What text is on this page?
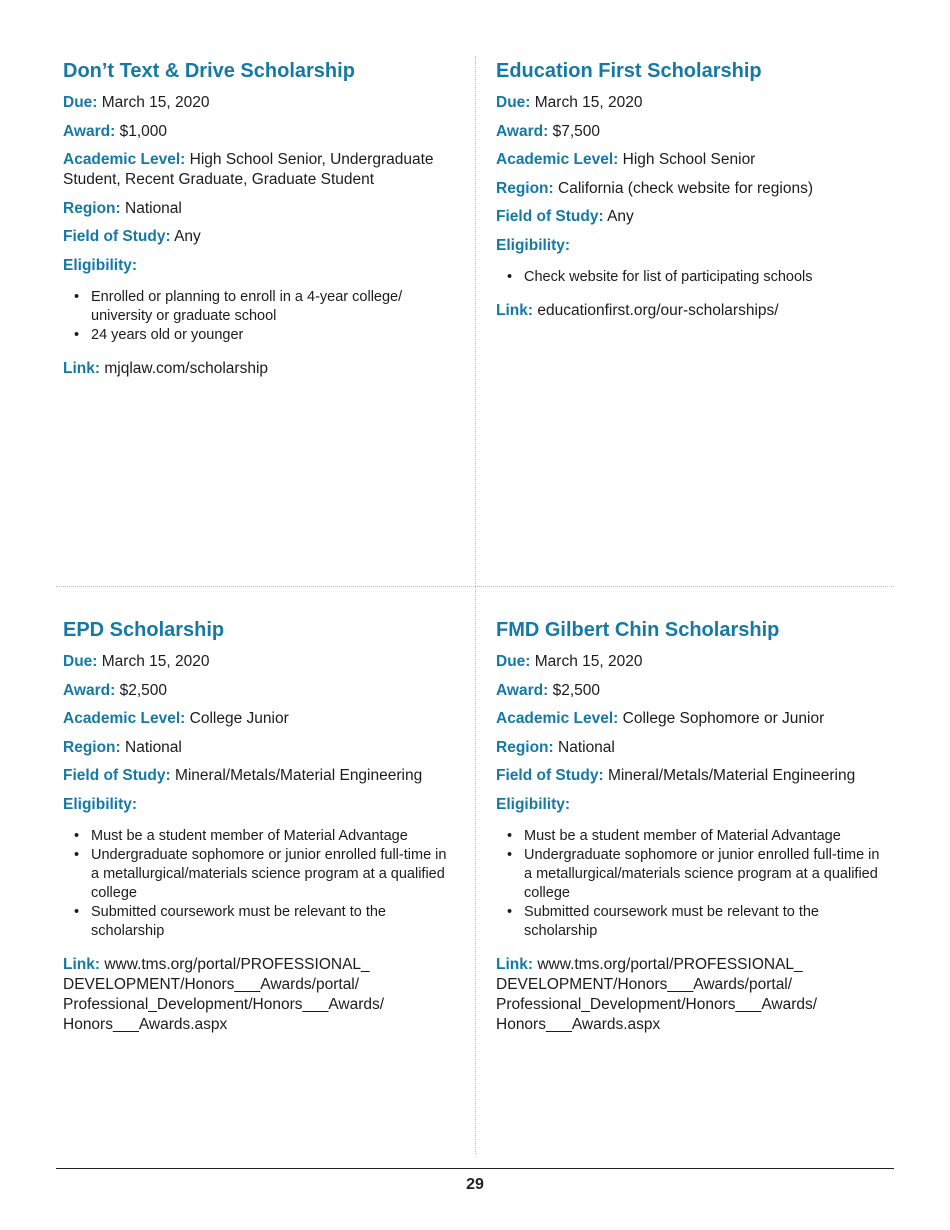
Don’t Text & Drive Scholarship

Due: March 15, 2020

Award: $1,000

Academic Level: High School Senior, Undergraduate Student, Recent Graduate, Graduate Student

Region: National

Field of Study: Any

Eligibility:

• Enrolled or planning to enroll in a 4-year college/ university or graduate school
• 24 years old or younger

Link: mjqlaw.com/scholarship

Education First Scholarship

Due: March 15, 2020

Award: $7,500

Academic Level: High School Senior

Region: California (check website for regions)

Field of Study: Any

Eligibility:

• Check website for list of participating schools

Link: educationfirst.org/our-scholarships/

EPD Scholarship

Due: March 15, 2020

Award: $2,500

Academic Level: College Junior

Region: National

Field of Study: Mineral/Metals/Material Engineering

Eligibility:

• Must be a student member of Material Advantage
• Undergraduate sophomore or junior enrolled full-time in a metallurgical/materials science program at a qualified college
• Submitted coursework must be relevant to the scholarship

Link: www.tms.org/portal/PROFESSIONAL_ DEVELOPMENT/Honors___Awards/portal/ Professional_Development/Honors___Awards/ Honors___Awards.aspx

FMD Gilbert Chin Scholarship

Due: March 15, 2020

Award: $2,500

Academic Level: College Sophomore or Junior

Region: National

Field of Study: Mineral/Metals/Material Engineering

Eligibility:

• Must be a student member of Material Advantage
• Undergraduate sophomore or junior enrolled full-time in a metallurgical/materials science program at a qualified college
• Submitted coursework must be relevant to the scholarship

Link: www.tms.org/portal/PROFESSIONAL_ DEVELOPMENT/Honors___Awards/portal/ Professional_Development/Honors___Awards/ Honors___Awards.aspx

29
